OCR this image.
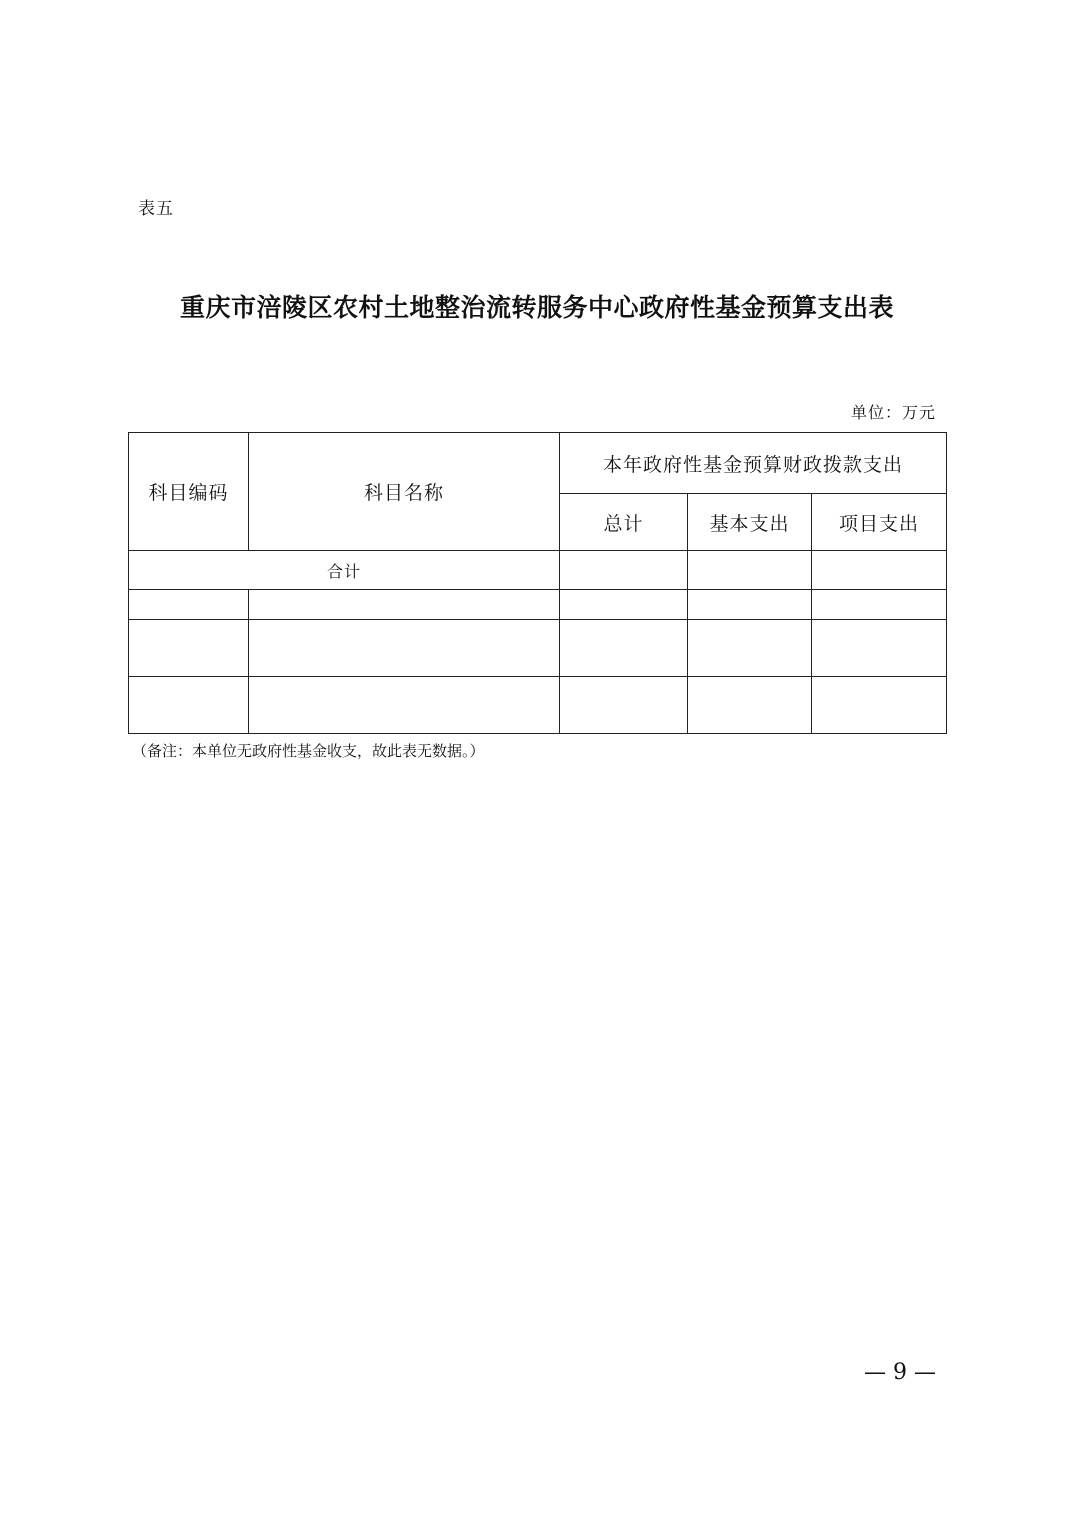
表五
重庆市涪陵区农村土地整治流转服务中心政府性基金预算支出表
单位：万元
科目编码	科目名称	本年政府性基金预算财政拨款支出		
		总计	基本支出	项目支出
合计				

（备注：本单位无政府性基金收支，故此表无数据。）
— 9 —
